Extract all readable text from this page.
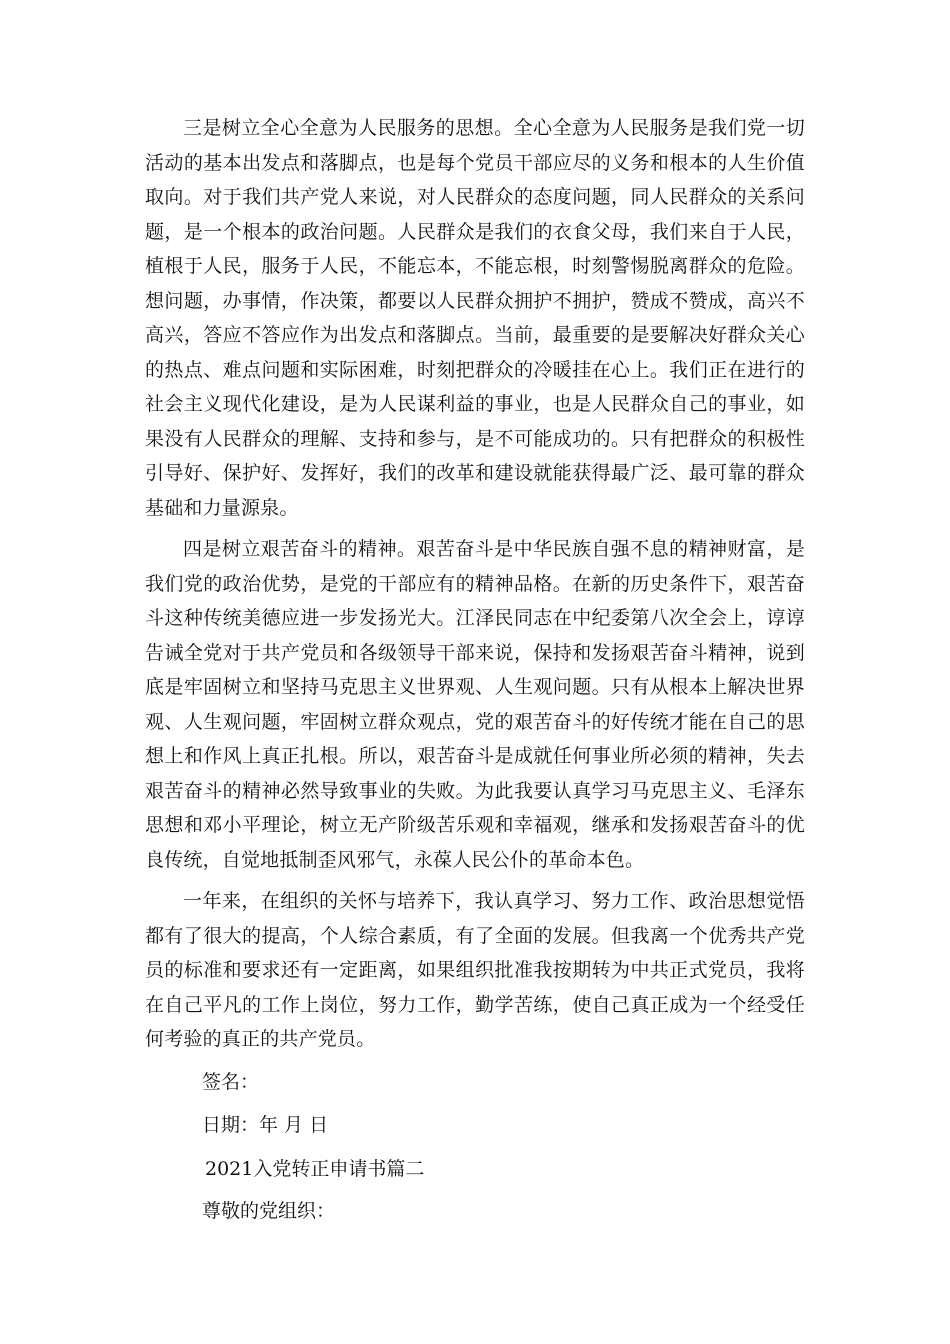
三是树立全心全意为人民服务的思想。全心全意为人民服务是我们党一切活动的基本出发点和落脚点，也是每个党员干部应尽的义务和根本的人生价值取向。对于我们共产党人来说，对人民群众的态度问题，同人民群众的关系问题，是一个根本的政治问题。人民群众是我们的衣食父母，我们来自于人民，植根于人民，服务于人民，不能忘本，不能忘根，时刻警惕脱离群众的危险。想问题，办事情，作决策，都要以人民群众拥护不拥护，赞成不赞成，高兴不高兴，答应不答应作为出发点和落脚点。当前，最重要的是要解决好群众关心的热点、难点问题和实际困难，时刻把群众的冷暖挂在心上。我们正在进行的社会主义现代化建设，是为人民谋利益的事业，也是人民群众自己的事业，如果没有人民群众的理解、支持和参与，是不可能成功的。只有把群众的积极性引导好、保护好、发挥好，我们的改革和建设就能获得最广泛、最可靠的群众基础和力量源泉。

四是树立艰苦奋斗的精神。艰苦奋斗是中华民族自强不息的精神财富，是我们党的政治优势，是党的干部应有的精神品格。在新的历史条件下，艰苦奋斗这种传统美德应进一步发扬光大。江泽民同志在中纪委第八次全会上，谆谆告诫全党对于共产党员和各级领导干部来说，保持和发扬艰苦奋斗精神，说到底是牢固树立和坚持马克思主义世界观、人生观问题。只有从根本上解决世界观、人生观问题，牢固树立群众观点，党的艰苦奋斗的好传统才能在自己的思想上和作风上真正扎根。所以，艰苦奋斗是成就任何事业所必须的精神，失去艰苦奋斗的精神必然导致事业的失败。为此我要认真学习马克思主义、毛泽东思想和邓小平理论，树立无产阶级苦乐观和幸福观，继承和发扬艰苦奋斗的优良传统，自觉地抵制歪风邪气，永葆人民公仆的革命本色。

一年来，在组织的关怀与培养下，我认真学习、努力工作、政治思想觉悟都有了很大的提高，个人综合素质，有了全面的发展。但我离一个优秀共产党员的标准和要求还有一定距离，如果组织批准我按期转为中共正式党员，我将在自己平凡的工作上岗位，努力工作，勤学苦练，使自己真正成为一个经受任何考验的真正的共产党员。

签名：

日期：年 月 日

2021入党转正申请书篇二

尊敬的党组织：
